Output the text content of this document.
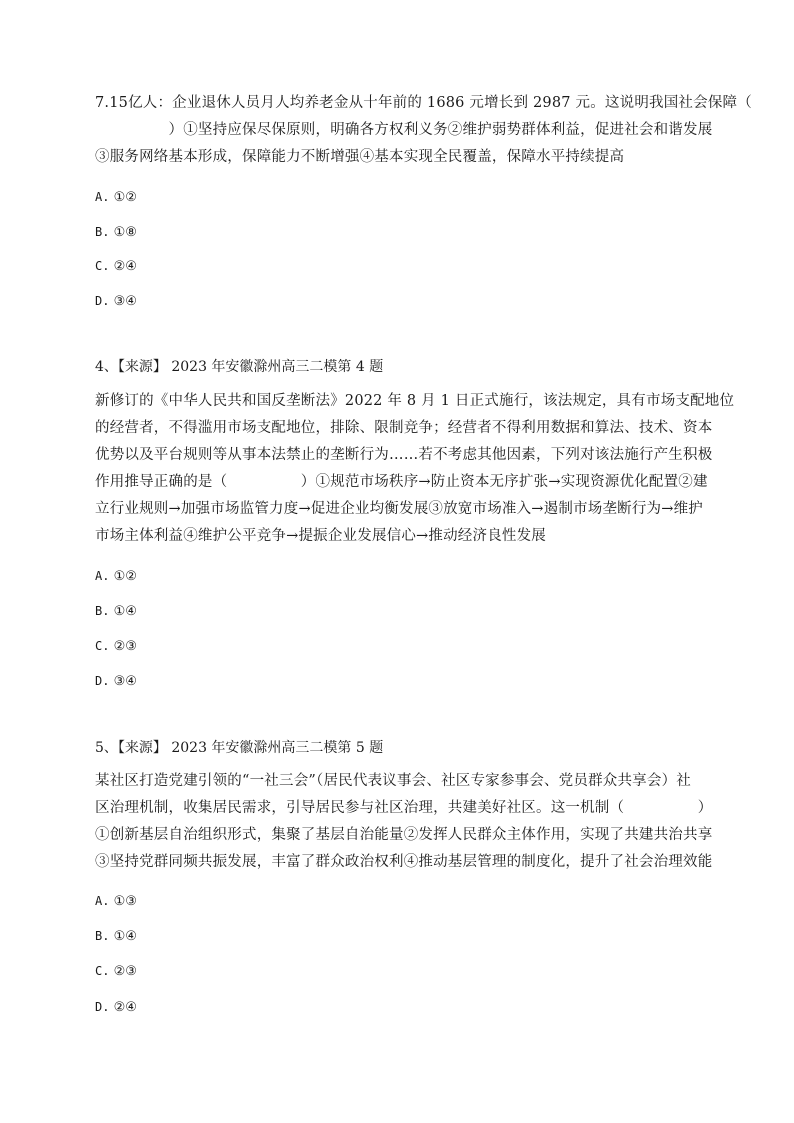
7.15亿人：企业退休人员月人均养老金从十年前的 1686 元增长到 2987 元。这说明我国社会保障（
　　　　　）①坚持应保尽保原则，明确各方权利义务②维护弱势群体利益，促进社会和谐发展
③服务网络基本形成，保障能力不断增强④基本实现全民覆盖，保障水平持续提高
A. ①②
B. ①⑧
C. ②④
D. ③④
4、【来源】 2023 年安徽滁州高三二模第 4 题
新修订的《中华人民共和国反垄断法》2022 年 8 月 1 日正式施行，该法规定，具有市场支配地位
的经营者，不得滥用市场支配地位，排除、限制竞争；经营者不得利用数据和算法、技术、资本
优势以及平台规则等从事本法禁止的垄断行为……若不考虑其他因素，下列对该法施行产生积极
作用推导正确的是（　　　　　）①规范市场秩序→防止资本无序扩张→实现资源优化配置②建
立行业规则→加强市场监管力度→促进企业均衡发展③放宽市场准入→遏制市场垄断行为→维护
市场主体利益④维护公平竞争→提振企业发展信心→推动经济良性发展
A. ①②
B. ①④
C. ②③
D. ③④
5、【来源】 2023 年安徽滁州高三二模第 5 题
某社区打造党建引领的“一社三会”（居民代表议事会、社区专家参事会、党员群众共享会）社
区治理机制，收集居民需求，引导居民参与社区治理，共建美好社区。这一机制（　　　　　）
①创新基层自治组织形式，集聚了基层自治能量②发挥人民群众主体作用，实现了共建共治共享
③坚持党群同频共振发展，丰富了群众政治权利④推动基层管理的制度化，提升了社会治理效能
A. ①③
B. ①④
C. ②③
D. ②④
